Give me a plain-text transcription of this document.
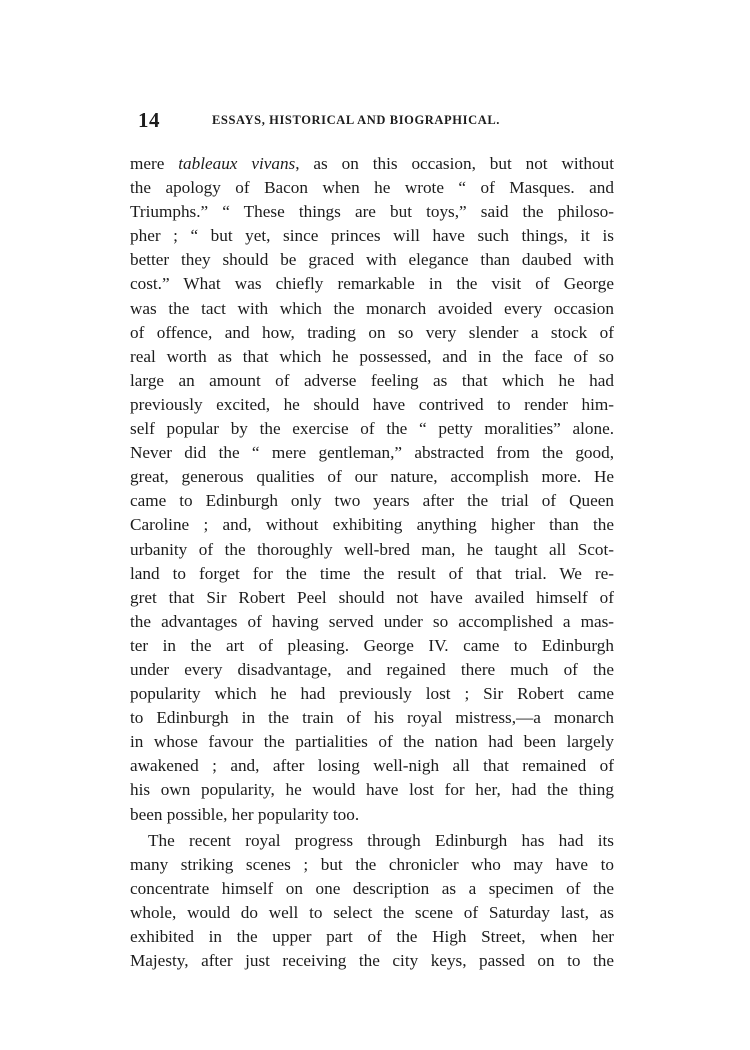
14	ESSAYS, HISTORICAL AND BIOGRAPHICAL.
mere tableaux vivans, as on this occasion, but not without
the apology of Bacon when he wrote “ of Masques. and
Triumphs.” “ These things are but toys,” said the philoso-
pher ; “ but yet, since princes will have such things, it is
better they should be graced with elegance than daubed with
cost.” What was chiefly remarkable in the visit of George
was the tact with which the monarch avoided every occasion
of offence, and how, trading on so very slender a stock of
real worth as that which he possessed, and in the face of so
large an amount of adverse feeling as that which he had
previously excited, he should have contrived to render him-
self popular by the exercise of the “ petty moralities” alone.
Never did the “ mere gentleman,” abstracted from the good,
great, generous qualities of our nature, accomplish more. He
came to Edinburgh only two years after the trial of Queen
Caroline ; and, without exhibiting anything higher than the
urbanity of the thoroughly well-bred man, he taught all Scot-
land to forget for the time the result of that trial. We re-
gret that Sir Robert Peel should not have availed himself of
the advantages of having served under so accomplished a mas-
ter in the art of pleasing. George IV. came to Edinburgh
under every disadvantage, and regained there much of the
popularity which he had previously lost ; Sir Robert came
to Edinburgh in the train of his royal mistress,—a monarch
in whose favour the partialities of the nation had been largely
awakened ; and, after losing well-nigh all that remained of
his own popularity, he would have lost for her, had the thing
been possible, her popularity too.
The recent royal progress through Edinburgh has had its
many striking scenes ; but the chronicler who may have to
concentrate himself on one description as a specimen of the
whole, would do well to select the scene of Saturday last, as
exhibited in the upper part of the High Street, when her
Majesty, after just receiving the city keys, passed on to the
